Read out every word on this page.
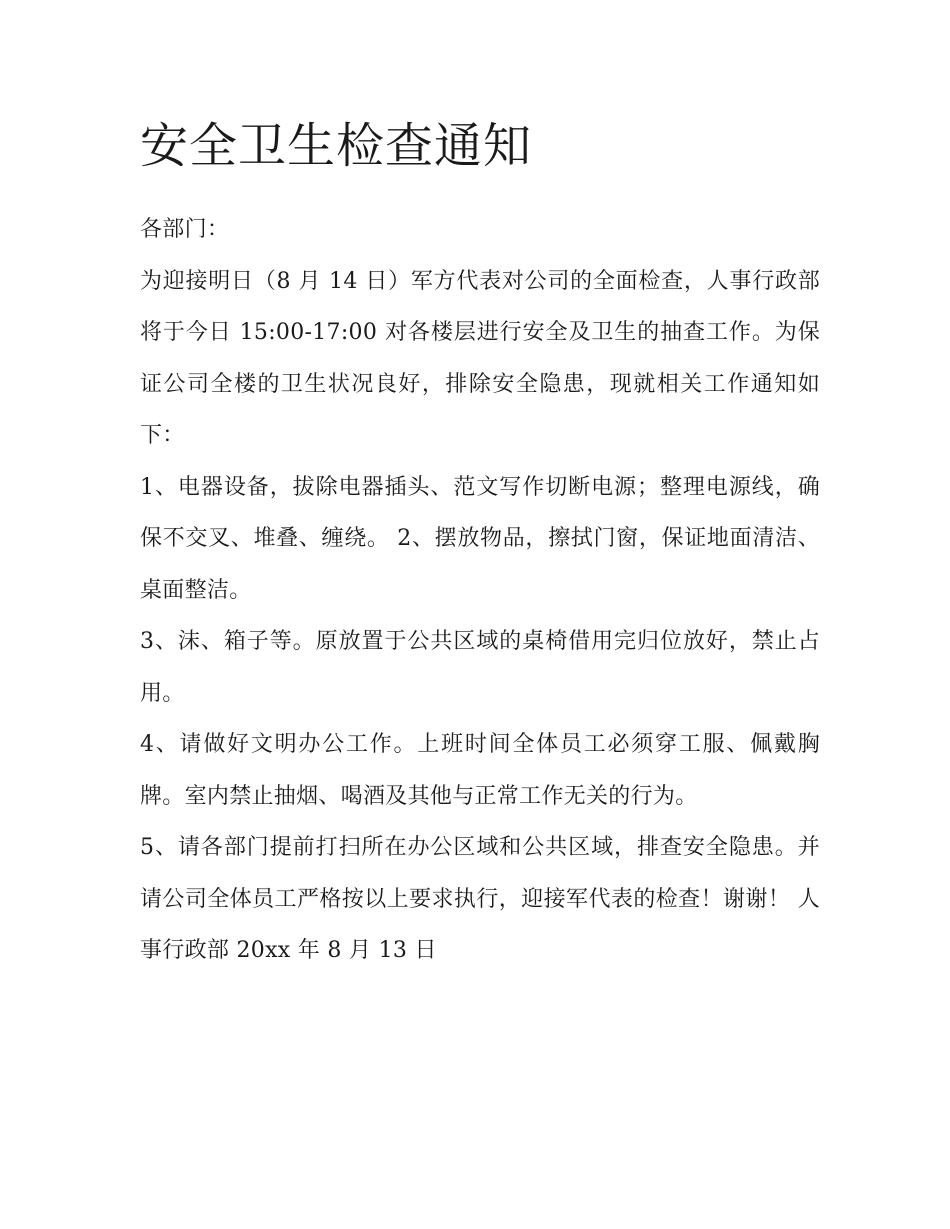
安全卫生检查通知

各部门：

为迎接明日（8 月 14 日）军方代表对公司的全面检查，人事行政部将于今日 15:00-17:00 对各楼层进行安全及卫生的抽查工作。为保证公司全楼的卫生状况良好，排除安全隐患，现就相关工作通知如下：

1、电器设备，拔除电器插头、范文写作切断电源；整理电源线，确保不交叉、堆叠、缠绕。 2、摆放物品，擦拭门窗，保证地面清洁、桌面整洁。

3、沫、箱子等。原放置于公共区域的桌椅借用完归位放好，禁止占用。

4、请做好文明办公工作。上班时间全体员工必须穿工服、佩戴胸牌。室内禁止抽烟、喝酒及其他与正常工作无关的行为。

5、请各部门提前打扫所在办公区域和公共区域，排查安全隐患。并请公司全体员工严格按以上要求执行，迎接军代表的检查！谢谢！ 人事行政部 20xx 年 8 月 13 日
